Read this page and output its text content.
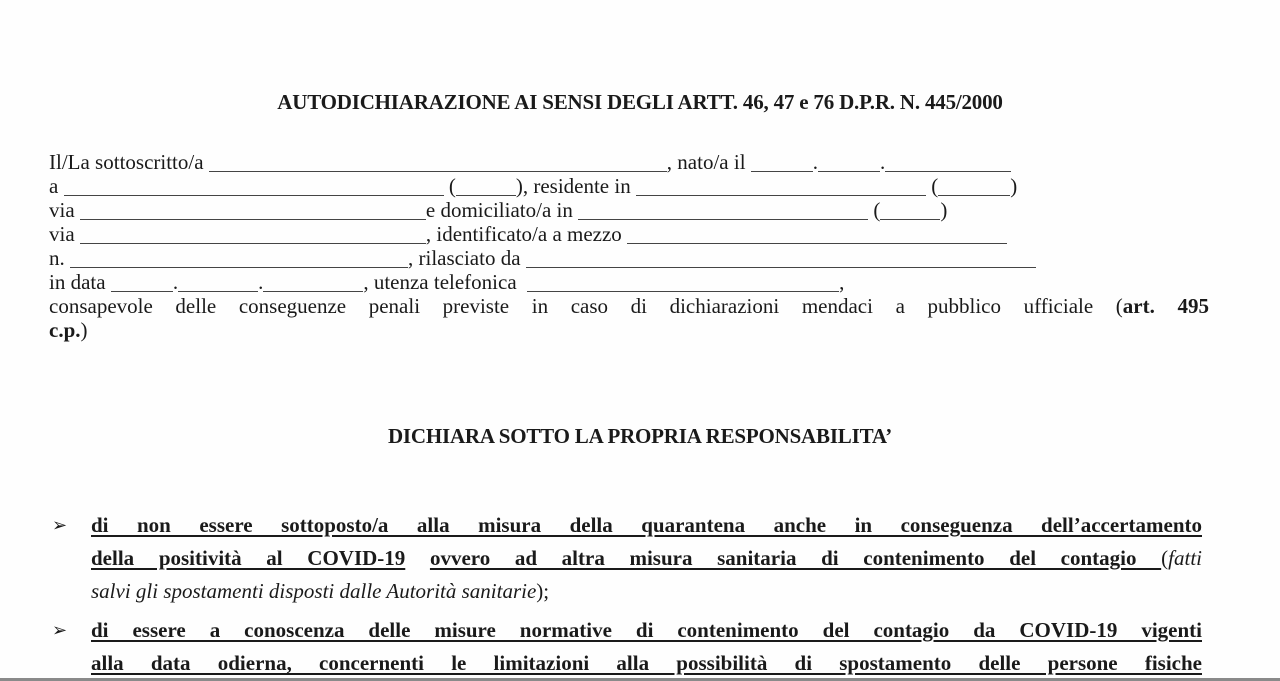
AUTODICHIARAZIONE AI SENSI DEGLI ARTT. 46, 47 e 76 D.P.R. N. 445/2000
Il/La sottoscritto/a	, nato/a il	.	.
a	(	), residente in	(	)
via	e domiciliato/a in	(	)
via	, identificato/a a mezzo
n.	, rilasciato da
in data	.	.	, utenza telefonica	,
consapevole delle conseguenze penali previste in caso di dichiarazioni mendaci a pubblico ufficiale (art. 495
c.p.)
DICHIARA SOTTO LA PROPRIA RESPONSABILITA’
➢ di non essere sottoposto/a alla misura della quarantena anche in conseguenza dell’accertamento
della positività al COVID-19 ovvero ad altra misura sanitaria di contenimento del contagio (fatti
salvi gli spostamenti disposti dalle Autorità sanitarie);
➢ di essere a conoscenza delle misure normative di contenimento del contagio da COVID-19 vigenti
alla data odierna, concernenti le limitazioni alla possibilità di spostamento delle persone fisiche
